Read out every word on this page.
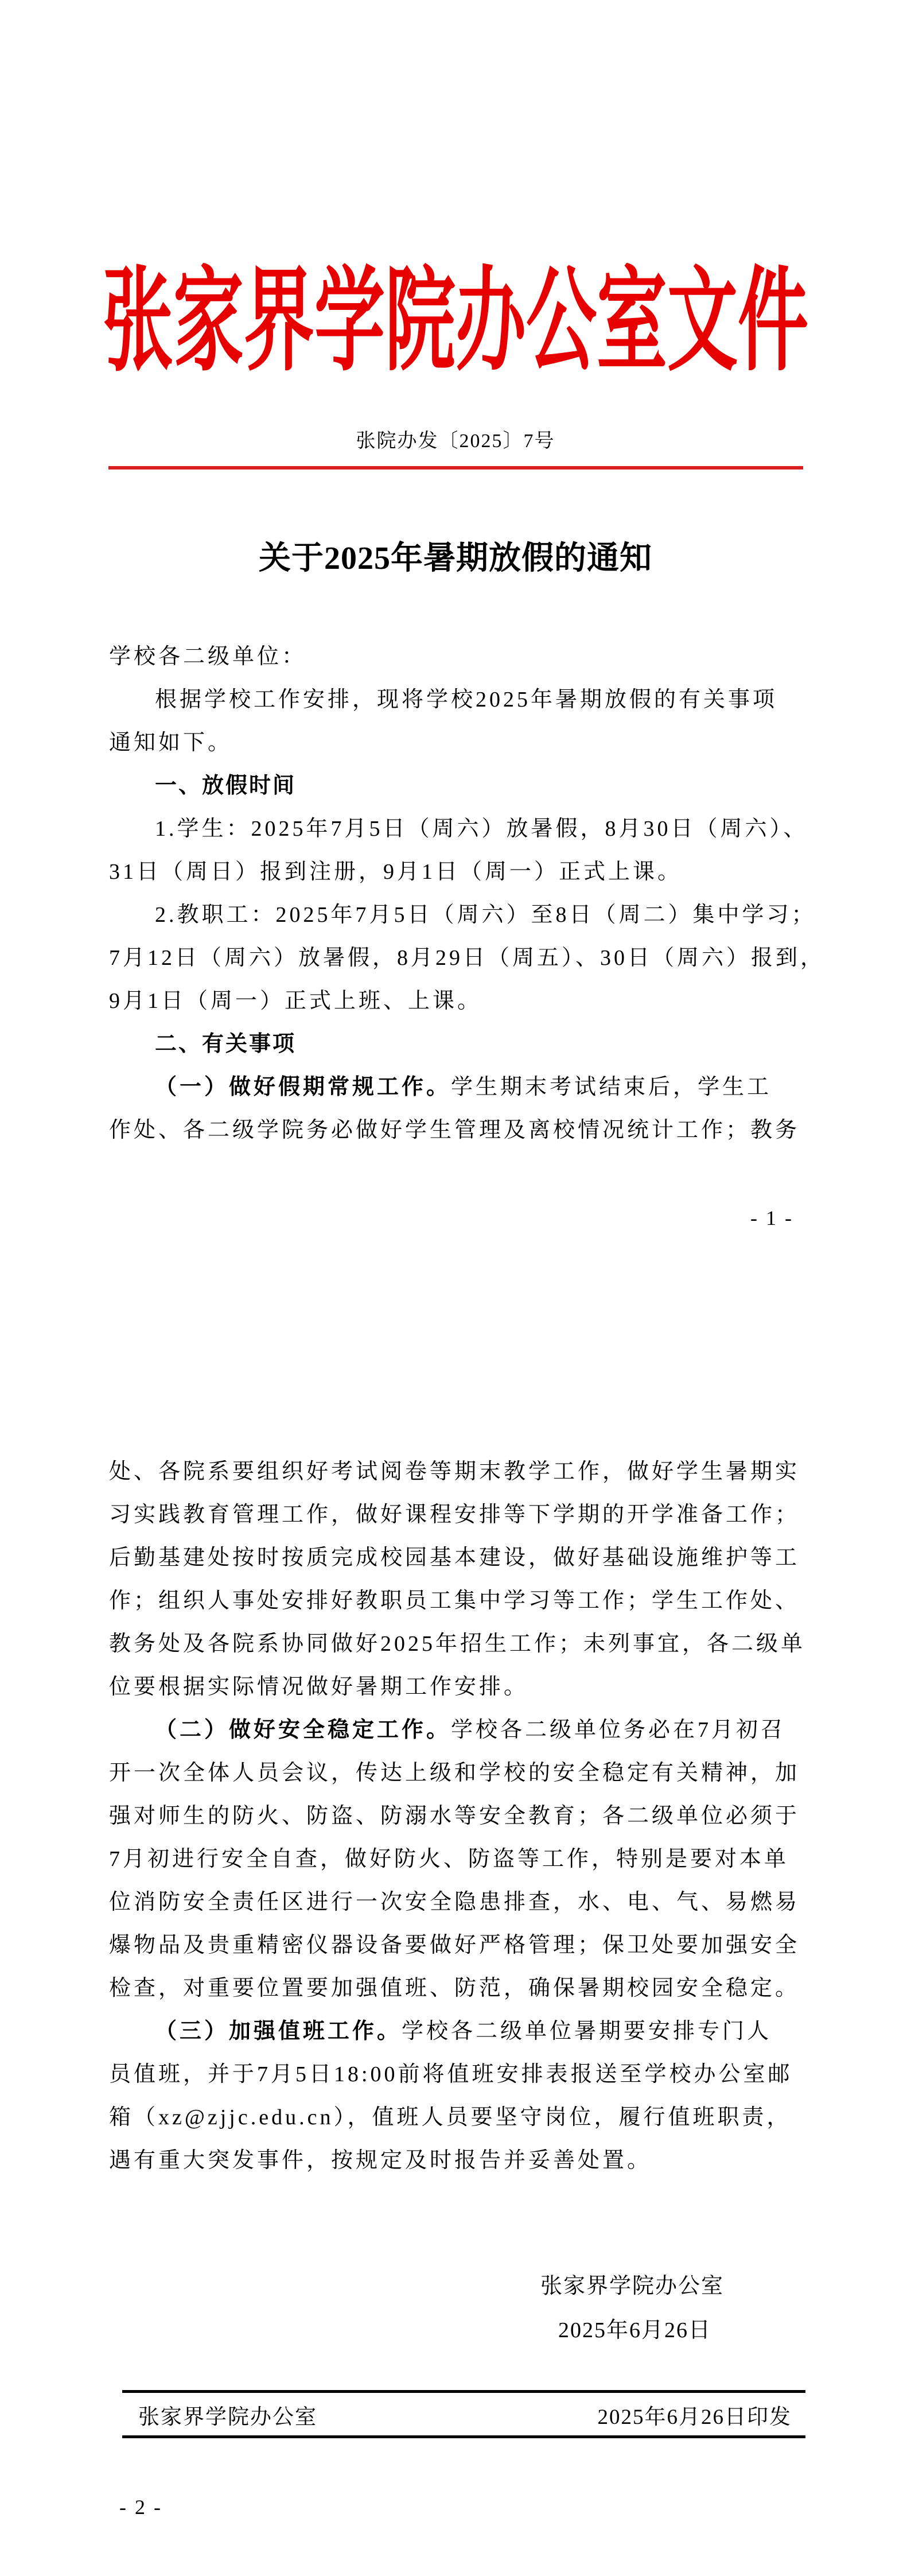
张家界学院办公室文件
张院办发〔2025〕7号
关于2025年暑期放假的通知
学校各二级单位：
根据学校工作安排，现将学校2025年暑期放假的有关事项
通知如下。
一、放假时间
1.学生：2025年7月5日（周六）放暑假，8月30日（周六）、
31日（周日）报到注册，9月1日（周一）正式上课。
2.教职工：2025年7月5日（周六）至8日（周二）集中学习；
7月12日（周六）放暑假，8月29日（周五）、30日（周六）报到，
9月1日（周一）正式上班、上课。
二、有关事项
（一）做好假期常规工作。学生期末考试结束后，学生工
作处、各二级学院务必做好学生管理及离校情况统计工作；教务
- 1 -
处、各院系要组织好考试阅卷等期末教学工作，做好学生暑期实
习实践教育管理工作，做好课程安排等下学期的开学准备工作；
后勤基建处按时按质完成校园基本建设，做好基础设施维护等工
作；组织人事处安排好教职员工集中学习等工作；学生工作处、
教务处及各院系协同做好2025年招生工作；未列事宜，各二级单
位要根据实际情况做好暑期工作安排。
（二）做好安全稳定工作。学校各二级单位务必在7月初召
开一次全体人员会议，传达上级和学校的安全稳定有关精神，加
强对师生的防火、防盗、防溺水等安全教育；各二级单位必须于
7月初进行安全自查，做好防火、防盗等工作，特别是要对本单
位消防安全责任区进行一次安全隐患排查，水、电、气、易燃易
爆物品及贵重精密仪器设备要做好严格管理；保卫处要加强安全
检查，对重要位置要加强值班、防范，确保暑期校园安全稳定。
（三）加强值班工作。学校各二级单位暑期要安排专门人
员值班，并于7月5日18:00前将值班安排表报送至学校办公室邮
箱（xz@zjjc.edu.cn），值班人员要坚守岗位，履行值班职责，
遇有重大突发事件，按规定及时报告并妥善处置。
张家界学院办公室
2025年6月26日
张家界学院办公室	2025年6月26日印发
- 2 -
